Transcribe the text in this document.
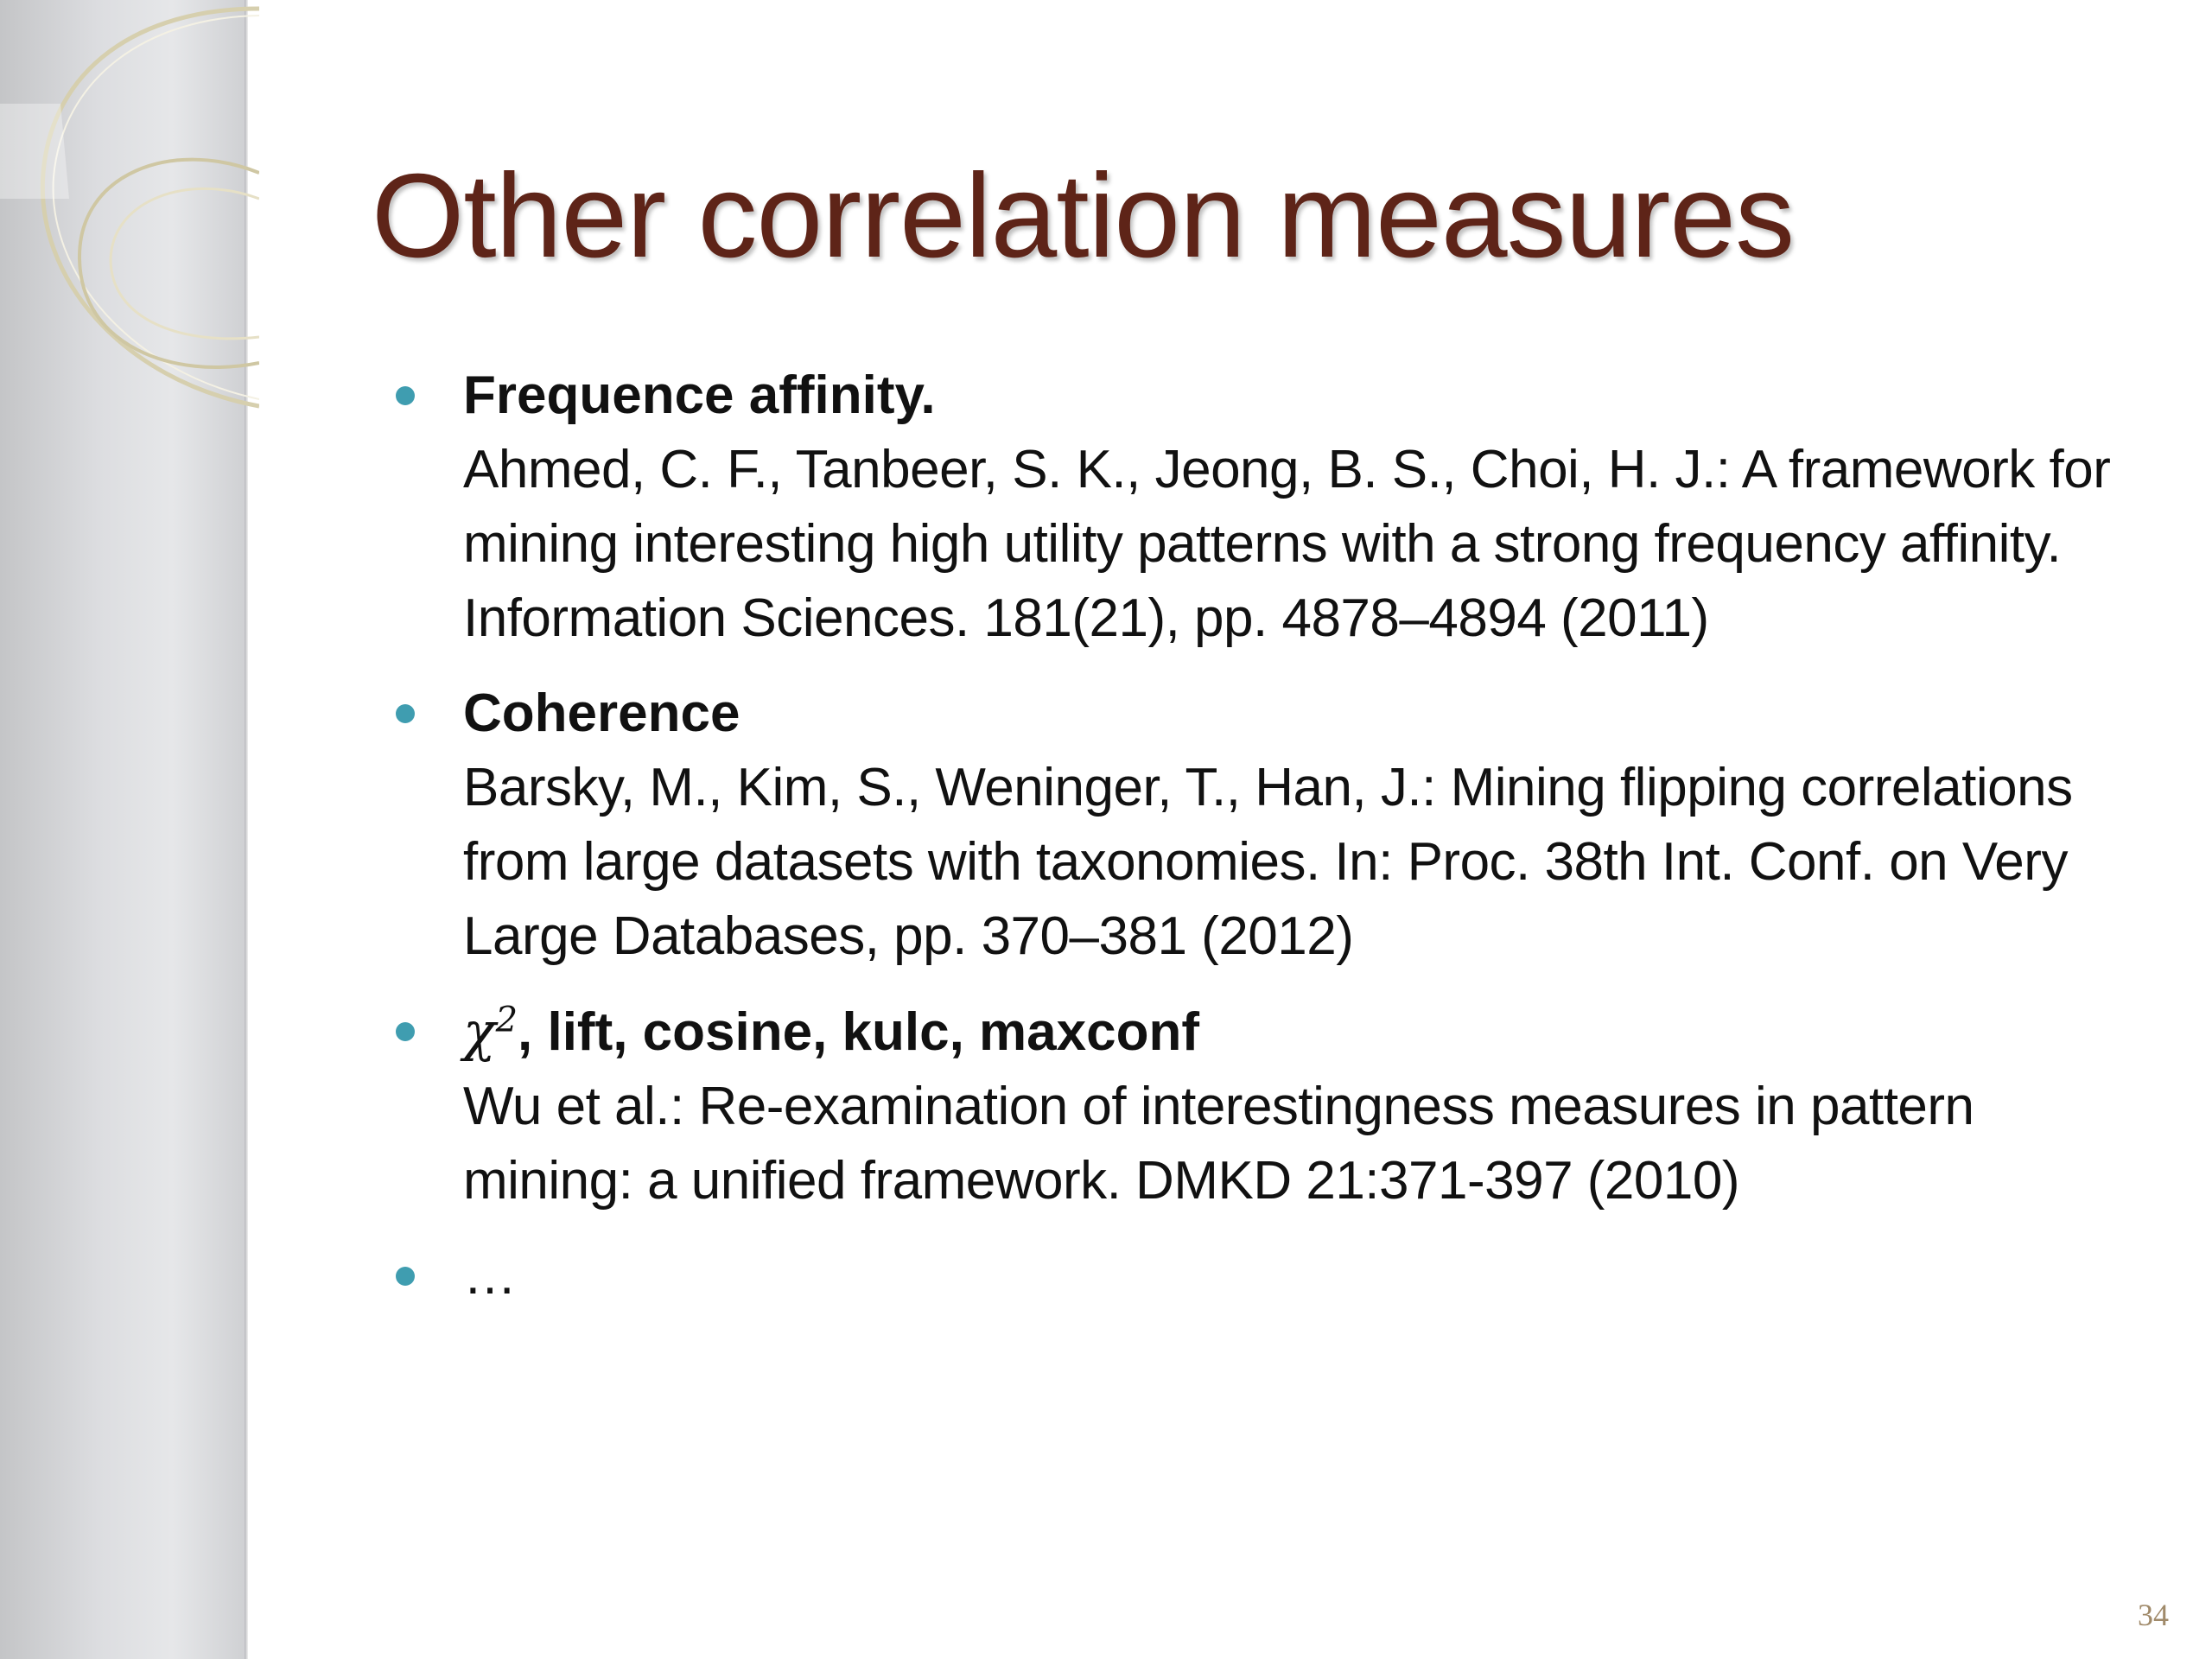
Other correlation measures
Frequence affinity.
Ahmed, C. F., Tanbeer, S. K., Jeong, B. S., Choi, H. J.: A framework for mining interesting high utility patterns with a strong frequency affinity. Information Sciences. 181(21), pp. 4878–4894 (2011)
Coherence
Barsky, M., Kim, S., Weninger, T., Han, J.: Mining flipping correlations from large datasets with taxonomies. In: Proc. 38th Int. Conf. on Very Large Databases, pp. 370–381 (2012)
$\chi^2$, lift, cosine, kulc, maxconf
Wu et al.: Re-examination of interestingness measures in pattern mining: a unified framework. DMKD 21:371-397 (2010)
…
34
